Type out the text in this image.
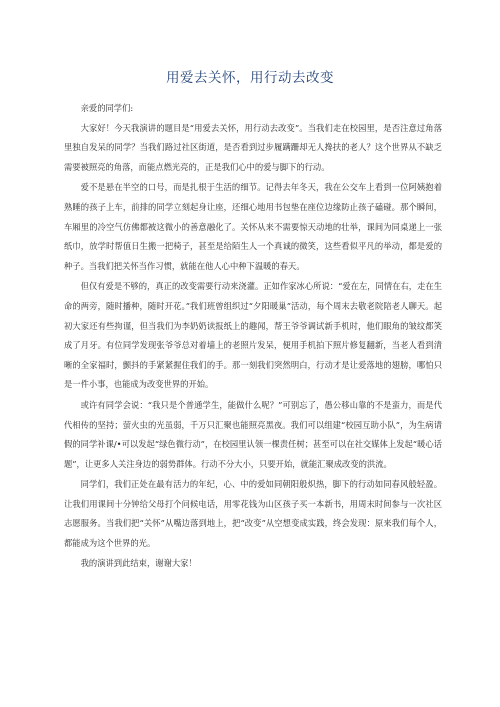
用爱去关怀，用行动去改变

亲爱的同学们:

大家好！今天我演讲的题目是“用爱去关怀，用行动去改变”。当我们走在校园里，是否注意过角落里独自发呆的同学？当我们路过社区街道，是否看到过步履蹒跚却无人搀扶的老人？这个世界从不缺乏需要被照亮的角落，而能点燃光亮的，正是我们心中的爱与脚下的行动。

爱不是悬在半空的口号，而是扎根于生活的细节。记得去年冬天，我在公交车上看到一位阿姨抱着熟睡的孩子上车，前排的同学立刻起身让座，还细心地用书包垫在座位边缘防止孩子磕碰。那个瞬间，车厢里的冷空气仿佛都被这微小的善意融化了。关怀从来不需要惊天动地的壮举，课间为同桌递上一张纸巾，放学时帮值日生搬一把椅子，甚至是给陌生人一个真诚的微笑，这些看似平凡的举动，都是爱的种子。当我们把关怀当作习惯，就能在他人心中种下温暖的春天。

但仅有爱是不够的，真正的改变需要行动来浇灌。正如作家冰心所说：“爱在左，同情在右，走在生命的两旁，随时播种，随时开花。”我们班曾组织过“夕阳暖巢”活动，每个周末去敬老院陪老人聊天。起初大家还有些拘谨，但当我们为李奶奶读报纸上的趣闻，帮王爷爷调试新手机时，他们眼角的皱纹都笑成了月牙。有位同学发现张爷爷总对着墙上的老照片发呆，便用手机拍下照片修复翻新，当老人看到清晰的全家福时，颤抖的手紧紧握住我们的手。那一刻我们突然明白，行动才是让爱落地的翅膀，哪怕只是一件小事，也能成为改变世界的开始。

或许有同学会说：“我只是个普通学生，能做什么呢？”可别忘了，愚公移山靠的不是蛮力，而是代代相传的坚持；萤火虫的光虽弱，千万只汇聚也能照亮黑夜。我们可以组建“校园互助小队”，为生病请假的同学补课/•可以发起“绿色微行动”，在校园里认领一棵责任树；甚至可以在社交媒体上发起“暖心话题”，让更多人关注身边的弱势群体。行动不分大小，只要开始，就能汇聚成改变的洪流。

同学们，我们正处在最有活力的年纪，心、中的爱如同朝阳般炽热，脚下的行动如同春风般轻盈。让我们用课间十分钟给父母打个问候电话，用零花钱为山区孩子买一本新书，用周末时间参与一次社区志愿服务。当我们把“关怀”从嘴边落到地上，把“改变”从空想变成实践，终会发现：原来我们每个人，都能成为这个世界的光。

我的演讲到此结束，谢谢大家！
